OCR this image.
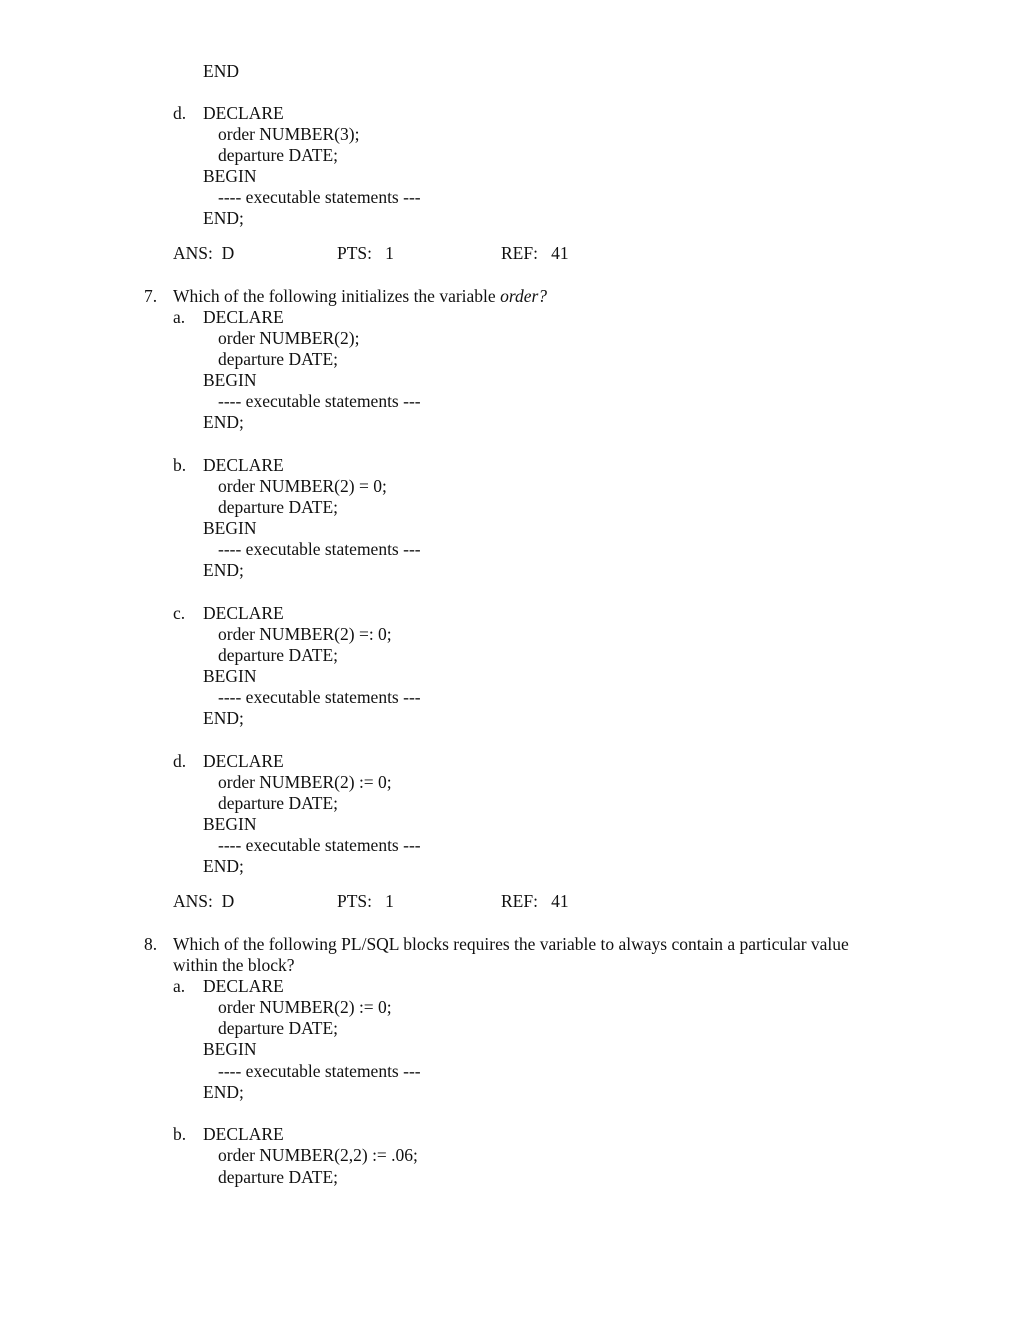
END
d. DECLARE
order NUMBER(3);
departure DATE;
BEGIN
---- executable statements ---
END;
ANS:  D	PTS:   1	REF:   41
7. Which of the following initializes the variable order?
a. DECLARE
order NUMBER(2);
departure DATE;
BEGIN
---- executable statements ---
END;
b. DECLARE
order NUMBER(2) = 0;
departure DATE;
BEGIN
---- executable statements ---
END;
c. DECLARE
order NUMBER(2) =: 0;
departure DATE;
BEGIN
---- executable statements ---
END;
d. DECLARE
order NUMBER(2) := 0;
departure DATE;
BEGIN
---- executable statements ---
END;
ANS:  D	PTS:   1	REF:   41
8. Which of the following PL/SQL blocks requires the variable to always contain a particular value
within the block?
a. DECLARE
order NUMBER(2) := 0;
departure DATE;
BEGIN
---- executable statements ---
END;
b. DECLARE
order NUMBER(2,2) := .06;
departure DATE;
